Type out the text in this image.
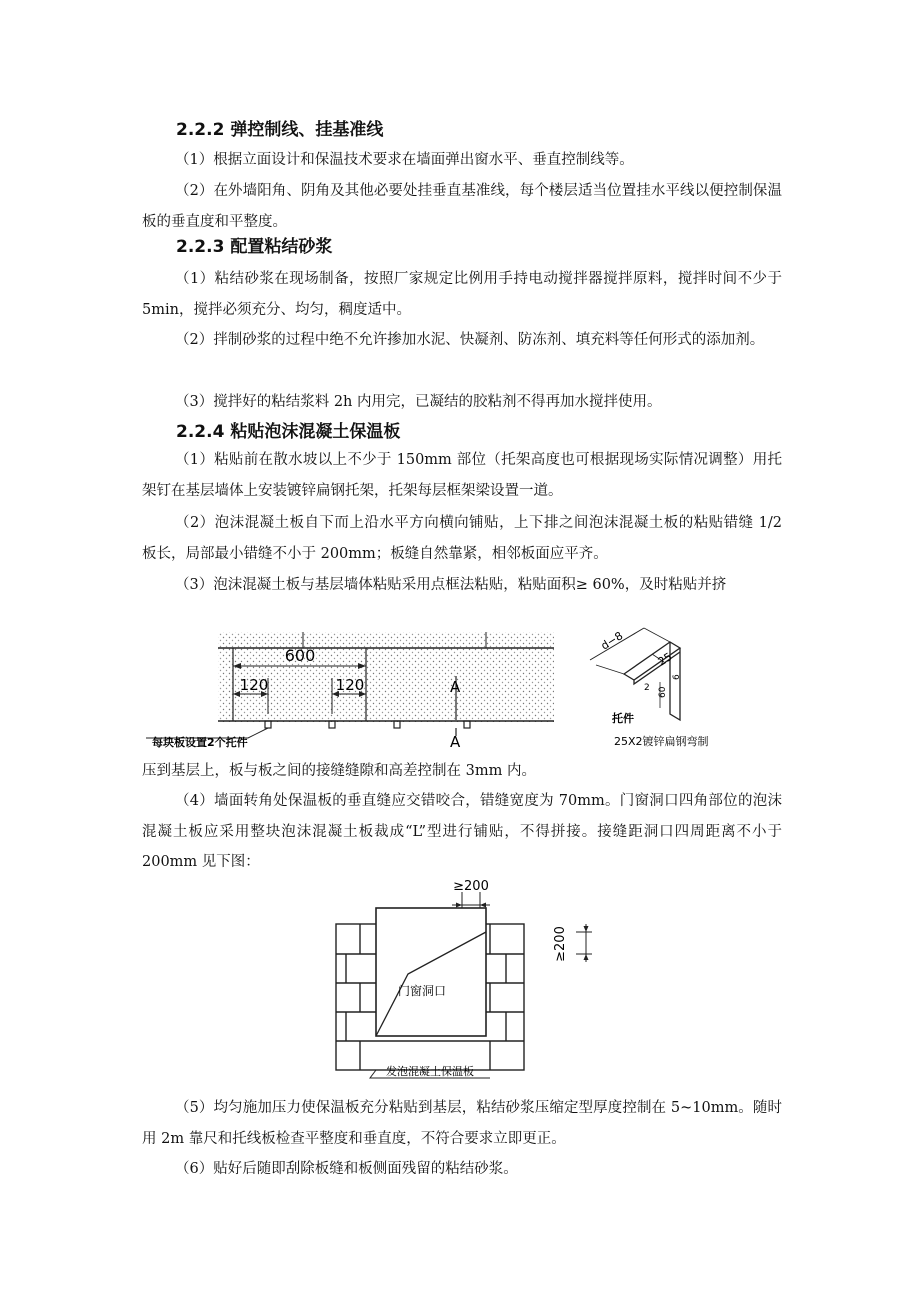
2.2.2 弹控制线、挂基准线

（1）根据立面设计和保温技术要求在墙面弹出窗水平、垂直控制线等。

（2）在外墙阳角、阴角及其他必要处挂垂直基准线，每个楼层适当位置挂水平线以便控制保温板的垂直度和平整度。

2.2.3 配置粘结砂浆

（1）粘结砂浆在现场制备，按照厂家规定比例用手持电动搅拌器搅拌原料，搅拌时间不少于 5min，搅拌必须充分、均匀，稠度适中。

（2）拌制砂浆的过程中绝不允许掺加水泥、快凝剂、防冻剂、填充料等任何形式的添加剂。

（3）搅拌好的粘结浆料 2h 内用完，已凝结的胶粘剂不得再加水搅拌使用。

2.2.4 粘贴泡沫混凝土保温板

（1）粘贴前在散水坡以上不少于 150mm 部位（托架高度也可根据现场实际情况调整）用托架钉在基层墙体上安装镀锌扁钢托架，托架每层框架梁设置一道。

（2）泡沫混凝土板自下而上沿水平方向横向铺贴，上下排之间泡沫混凝土板的粘贴错缝 1/2 板长，局部最小错缝不小于 200mm；板缝自然靠紧，相邻板面应平齐。

（3）泡沫混凝土板与基层墙体粘贴采用点框法粘贴，粘贴面积≥ 60%，及时粘贴并挤

600
120	120	A
A
每块板设置2个托件
d−8
25
2 60
6
托件
25X2镀锌扁钢弯制

压到基层上，板与板之间的接缝缝隙和高差控制在 3mm 内。

（4）墙面转角处保温板的垂直缝应交错咬合，错缝宽度为 70mm。门窗洞口四角部位的泡沫混凝土板应采用整块泡沫混凝土板裁成“L”型进行铺贴，不得拼接。接缝距洞口四周距离不小于 200mm 见下图：

门窗洞口
≥200
≥200
发泡混凝土保温板

（5）均匀施加压力使保温板充分粘贴到基层，粘结砂浆压缩定型厚度控制在 5~10mm。随时用 2m 靠尺和托线板检查平整度和垂直度，不符合要求立即更正。

（6）贴好后随即刮除板缝和板侧面残留的粘结砂浆。
